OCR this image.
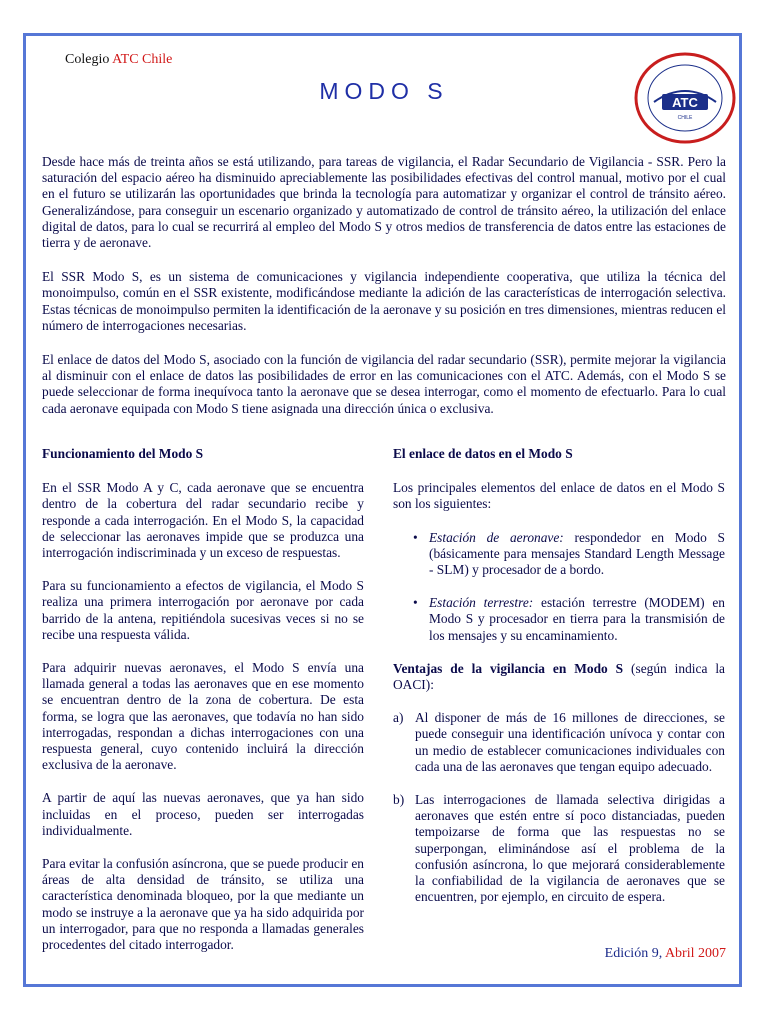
Colegio ATC Chile
MODO S	ATC
CHILE

Desde hace más de treinta años se está utilizando, para tareas de vigilancia, el Radar Secundario de Vigilancia - SSR. Pero la saturación del espacio aéreo ha disminuido apreciablemente las posibilidades efectivas del control manual, motivo por el cual en el futuro se utilizarán las oportunidades que brinda la tecnología para automatizar y organizar el control de tránsito aéreo. Generalizándose, para conseguir un escenario organizado y automatizado de control de tránsito aéreo, la utilización del enlace digital de datos, para lo cual se recurrirá al empleo del Modo S y otros medios de transferencia de datos entre las estaciones de tierra y de aeronave.

El SSR Modo S, es un sistema de comunicaciones y vigilancia independiente cooperativa, que utiliza la técnica del monoimpulso, común en el SSR existente, modificándose mediante la adición de las características de interrogación selectiva. Estas técnicas de monoimpulso permiten la identificación de la aeronave y su posición en tres dimensiones, mientras reducen el número de interrogaciones necesarias.

El enlace de datos del Modo S, asociado con la función de vigilancia del radar secundario (SSR), permite mejorar la vigilancia al disminuir con el enlace de datos las posibilidades de error en las comunicaciones con el ATC. Además, con el Modo S se puede seleccionar de forma inequívoca tanto la aeronave que se desea interrogar, como el momento de efectuarlo. Para lo cual cada aeronave equipada con Modo S tiene asignada una dirección única o exclusiva.

Funcionamiento del Modo S

En el SSR Modo A y C, cada aeronave que se encuentra dentro de la cobertura del radar secundario recibe y responde a cada interrogación. En el Modo S, la capacidad de seleccionar las aeronaves impide que se produzca una interrogación indiscriminada y un exceso de respuestas.

Para su funcionamiento a efectos de vigilancia, el Modo S realiza una primera interrogación por aeronave por cada barrido de la antena, repitiéndola sucesivas veces si no se recibe una respuesta válida.

Para adquirir nuevas aeronaves, el Modo S envía una llamada general a todas las aeronaves que en ese momento se encuentran dentro de la zona de cobertura. De esta forma, se logra que las aeronaves, que todavía no han sido interrogadas, respondan a dichas interrogaciones con una respuesta general, cuyo contenido incluirá la dirección exclusiva de la aeronave.

A partir de aquí las nuevas aeronaves, que ya han sido incluidas en el proceso, pueden ser interrogadas individualmente.

Para evitar la confusión asíncrona, que se puede producir en áreas de alta densidad de tránsito, se utiliza una característica denominada bloqueo, por la que mediante un modo se instruye a la aeronave que ya ha sido adquirida por un interrogador, para que no responda a llamadas generales procedentes del citado interrogador.

El enlace de datos en el Modo S

Los principales elementos del enlace de datos en el Modo S son los siguientes:

• Estación de aeronave: respondedor en Modo S (básicamente para mensajes Standard Length Message - SLM) y procesador de a bordo.
• Estación terrestre: estación terrestre (MODEM) en Modo S y procesador en tierra para la transmisión de los mensajes y su encaminamiento.

Ventajas de la vigilancia en Modo S (según indica la OACI):

a) Al disponer de más de 16 millones de direcciones, se puede conseguir una identificación unívoca y contar con un medio de establecer comunicaciones individuales con cada una de las aeronaves que tengan equipo adecuado.
b) Las interrogaciones de llamada selectiva dirigidas a aeronaves que estén entre sí poco distanciadas, pueden tempoizarse de forma que las respuestas no se superpongan, eliminándose así el problema de la confusión asíncrona, lo que mejorará considerablemente la confiabilidad de la vigilancia de aeronaves que se encuentren, por ejemplo, en circuito de espera.
Edición 9, Abril 2007
